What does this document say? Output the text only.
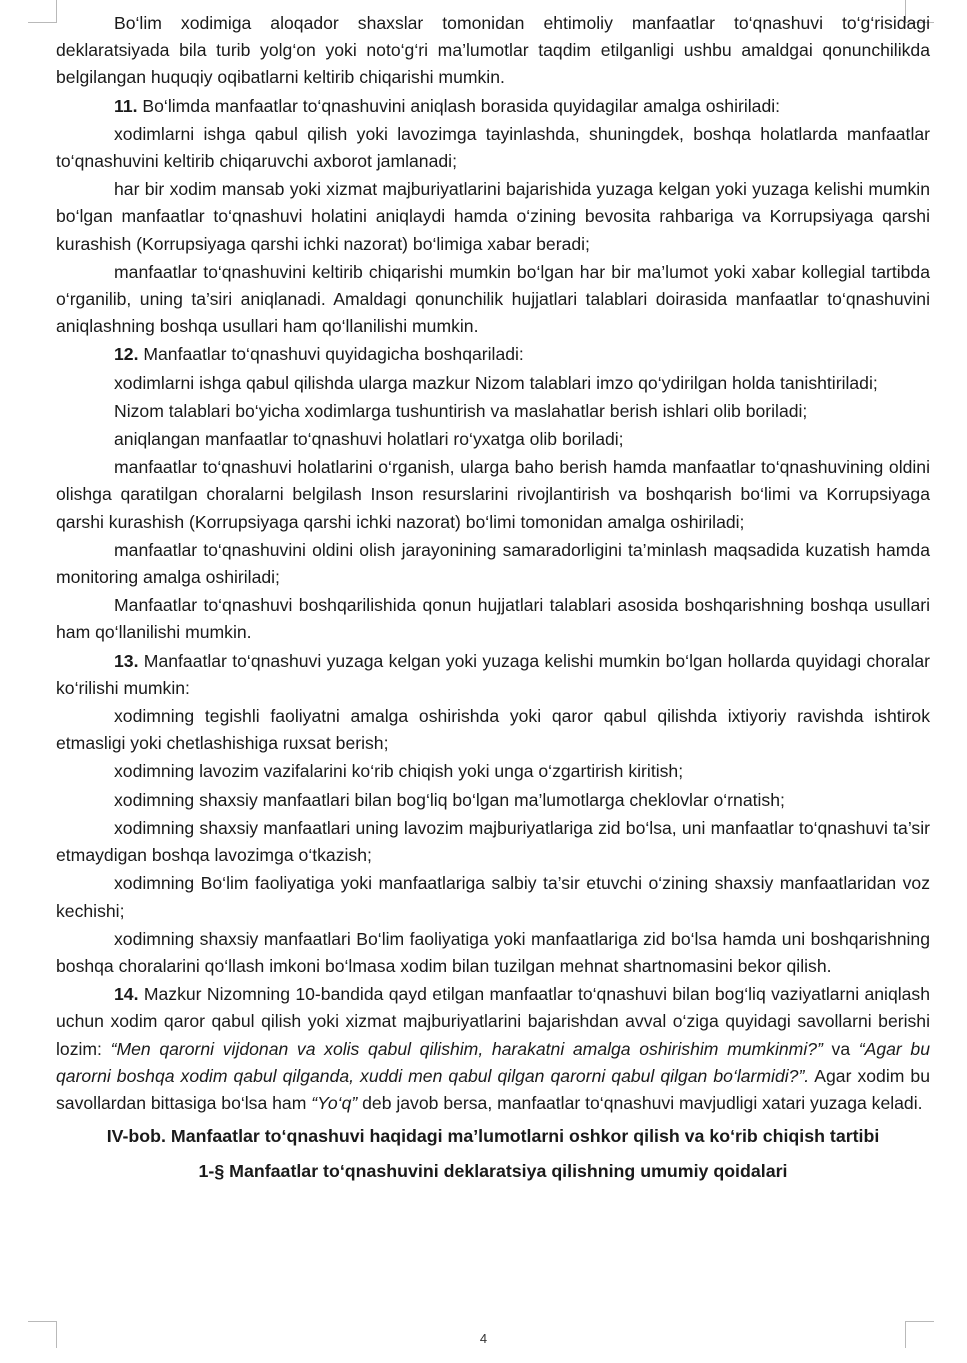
Bo‘lim xodimiga aloqador shaxslar tomonidan ehtimoliy manfaatlar to‘qnashuvi to‘g‘risidagi deklaratsiyada bila turib yolg‘on yoki noto‘g‘ri ma’lumotlar taqdim etilganligi ushbu amaldgai qonunchilikda belgilangan huquqiy oqibatlarni keltirib chiqarishi mumkin.

11. Bo‘limda manfaatlar to‘qnashuvini aniqlash borasida quyidagilar amalga oshiriladi:

xodimlarni ishga qabul qilish yoki lavozimga tayinlashda, shuningdek, boshqa holatlarda manfaatlar to‘qnashuvini keltirib chiqaruvchi axborot jamlanadi;

har bir xodim mansab yoki xizmat majburiyatlarini bajarishida yuzaga kelgan yoki yuzaga kelishi mumkin bo‘lgan manfaatlar to‘qnashuvi holatini aniqlaydi hamda o‘zining bevosita rahbariga va Korrupsiyaga qarshi kurashish (Korrupsiyaga qarshi ichki nazorat) bo‘limiga xabar beradi;

manfaatlar to‘qnashuvini keltirib chiqarishi mumkin bo‘lgan har bir ma’lumot yoki xabar kollegial tartibda o‘rganilib, uning ta’siri aniqlanadi. Amaldagi qonunchilik hujjatlari talablari doirasida manfaatlar to‘qnashuvini aniqlashning boshqa usullari ham qo‘llanilishi mumkin.

12. Manfaatlar to‘qnashuvi quyidagicha boshqariladi:

xodimlarni ishga qabul qilishda ularga mazkur Nizom talablari imzo qo‘ydirilgan holda tanishtiriladi;

Nizom talablari bo‘yicha xodimlarga tushuntirish va maslahatlar berish ishlari olib boriladi;

aniqlangan manfaatlar to‘qnashuvi holatlari ro‘yxatga olib boriladi;

manfaatlar to‘qnashuvi holatlarini o‘rganish, ularga baho berish hamda manfaatlar to‘qnashuvining oldini olishga qaratilgan choralarni belgilash Inson resurslarini rivojlantirish va boshqarish bo‘limi va Korrupsiyaga qarshi kurashish (Korrupsiyaga qarshi ichki nazorat) bo‘limi tomonidan amalga oshiriladi;

manfaatlar to‘qnashuvini oldini olish jarayonining samaradorligini ta’minlash maqsadida kuzatish hamda monitoring amalga oshiriladi;

Manfaatlar to‘qnashuvi boshqarilishida qonun hujjatlari talablari asosida boshqarishning boshqa usullari ham qo‘llanilishi mumkin.

13. Manfaatlar to‘qnashuvi yuzaga kelgan yoki yuzaga kelishi mumkin bo‘lgan hollarda quyidagi choralar ko‘rilishi mumkin:

xodimning tegishli faoliyatni amalga oshirishda yoki qaror qabul qilishda ixtiyoriy ravishda ishtirok etmasligi yoki chetlashishiga ruxsat berish;

xodimning lavozim vazifalarini ko‘rib chiqish yoki unga o‘zgartirish kiritish;

xodimning shaxsiy manfaatlari bilan bog‘liq bo‘lgan ma’lumotlarga cheklovlar o‘rnatish;

xodimning shaxsiy manfaatlari uning lavozim majburiyatlariga zid bo‘lsa, uni manfaatlar to‘qnashuvi ta’sir etmaydigan boshqa lavozimga o‘tkazish;

xodimning Bo‘lim faoliyatiga yoki manfaatlariga salbiy ta’sir etuvchi o‘zining shaxsiy manfaatlaridan voz kechishi;

xodimning shaxsiy manfaatlari Bo‘lim faoliyatiga yoki manfaatlariga zid bo‘lsa hamda uni boshqarishning boshqa choralarini qo‘llash imkoni bo‘lmasa xodim bilan tuzilgan mehnat shartnomasini bekor qilish.

14. Mazkur Nizomning 10-bandida qayd etilgan manfaatlar to‘qnashuvi bilan bog‘liq vaziyatlarni aniqlash uchun xodim qaror qabul qilish yoki xizmat majburiyatlarini bajarishdan avval o‘ziga quyidagi savollarni berishi lozim: “Men qarorni vijdonan va xolis qabul qilishim, harakatni amalga oshirishim mumkinmi?” va “Agar bu qarorni boshqa xodim qabul qilganda, xuddi men qabul qilgan qarorni qabul qilgan bo‘larmidi?”. Agar xodim bu savollardan bittasiga bo‘lsa ham “Yo‘q” deb javob bersa, manfaatlar to‘qnashuvi mavjudligi xatari yuzaga keladi.

IV-bob. Manfaatlar to‘qnashuvi haqidagi ma’lumotlarni oshkor qilish va ko‘rib chiqish tartibi

1-§ Manfaatlar to‘qnashuvini deklaratsiya qilishning umumiy qoidalari

4
